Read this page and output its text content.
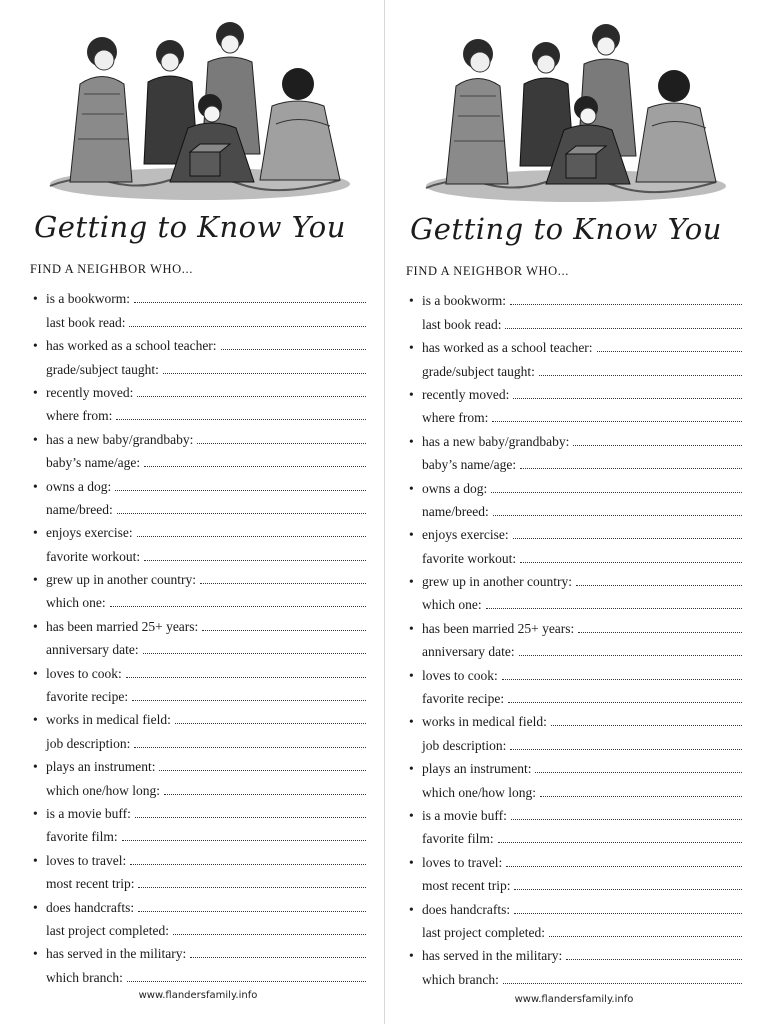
Getting to Know You
FIND A NEIGHBOR WHO...
• is a bookworm:
last book read:
• has worked as a school teacher:
grade/subject taught:
• recently moved:
where from:
• has a new baby/grandbaby:
baby’s name/age:
• owns a dog:
name/breed:
• enjoys exercise:
favorite workout:
• grew up in another country:
which one:
• has been married 25+ years:
anniversary date:
• loves to cook:
favorite recipe:
• works in medical field:
job description:
• plays an instrument:
which one/how long:
• is a movie buff:
favorite film:
• loves to travel:
most recent trip:
• does handcrafts:
last project completed:
• has served in the military:
which branch:
www.flandersfamily.info
Getting to Know You
FIND A NEIGHBOR WHO...
• is a bookworm:
last book read:
• has worked as a school teacher:
grade/subject taught:
• recently moved:
where from:
• has a new baby/grandbaby:
baby’s name/age:
• owns a dog:
name/breed:
• enjoys exercise:
favorite workout:
• grew up in another country:
which one:
• has been married 25+ years:
anniversary date:
• loves to cook:
favorite recipe:
• works in medical field:
job description:
• plays an instrument:
which one/how long:
• is a movie buff:
favorite film:
• loves to travel:
most recent trip:
• does handcrafts:
last project completed:
• has served in the military:
which branch:
www.flandersfamily.info
